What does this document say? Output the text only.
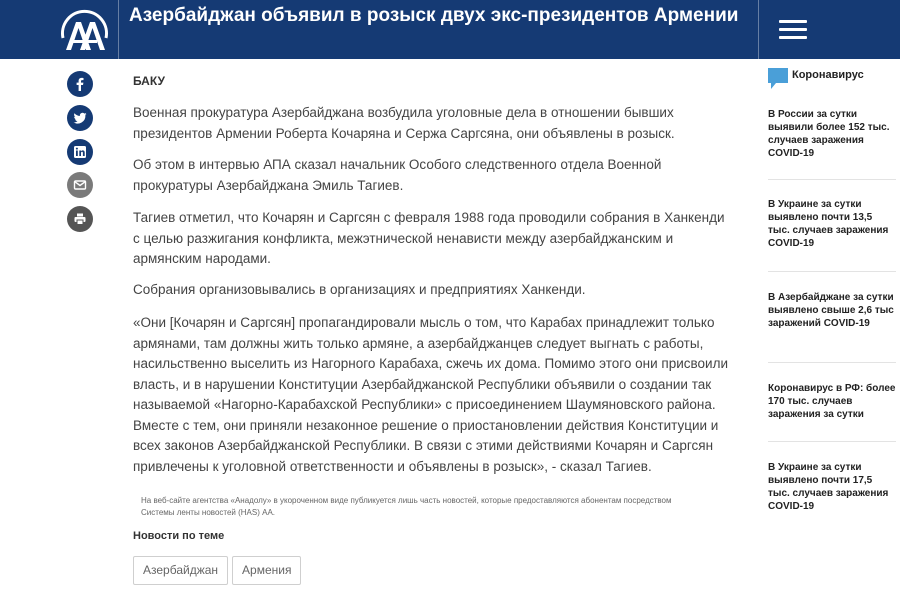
Азербайджан объявил в розыск двух экс-президентов Армении
БАКУ

Военная прокуратура Азербайджана возбудила уголовные дела в отношении бывших президентов Армении Роберта Кочаряна и Сержа Саргсяна, они объявлены в розыск.

Об этом в интервью АПА сказал начальник Особого следственного отдела Военной прокуратуры Азербайджана Эмиль Тагиев.

Тагиев отметил, что Кочарян и Саргсян с февраля 1988 года проводили собрания в Ханкенди с целью разжигания конфликта, межэтнической ненависти между азербайджанским и армянским народами.

Собрания организовывались в организациях и предприятиях Ханкенди.

«Они [Кочарян и Саргсян] пропагандировали мысль о том, что Карабах принадлежит только армянами, там должны жить только армяне, а азербайджанцев следует выгнать с работы, насильственно выселить из Нагорного Карабаха, сжечь их дома. Помимо этого они присвоили власть, и в нарушении Конституции Азербайджанской Республики объявили о создании так называемой «Нагорно-Карабахской Республики» с присоединением Шаумяновского района. Вместе с тем, они приняли незаконное решение о приостановлении действия Конституции и всех законов Азербайджанской Республики. В связи с этими действиями Кочарян и Саргсян привлечены к уголовной ответственности и объявлены в розыск», - сказал Тагиев.

На веб-сайте агентства «Анадолу» в укороченном виде публикуется лишь часть новостей, которые предоставляются абонентам посредством Системы ленты новостей (HAS) АА.

Новости по теме
Азербайджан	Армения
Коронавирус
В России за сутки выявили более 152 тыс. случаев заражения COVID-19
В Украине за сутки выявлено почти 13,5 тыс. случаев заражения COVID-19
В Азербайджане за сутки выявлено свыше 2,6 тыс заражений COVID-19
Коронавирус в РФ: более 170 тыс. случаев заражения за сутки
В Украине за сутки выявлено почти 17,5 тыс. случаев заражения COVID-19
